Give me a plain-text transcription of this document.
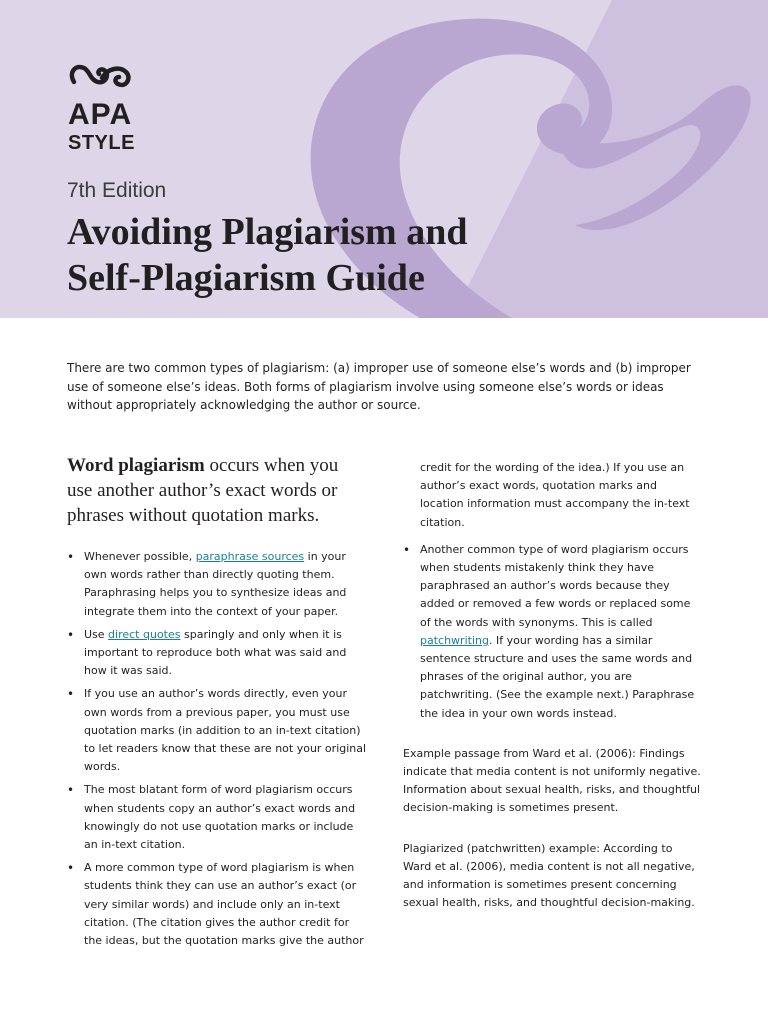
APA
STYLE
7th Edition
Avoiding Plagiarism and
Self-Plagiarism Guide

There are two common types of plagiarism: (a) improper use of someone else’s words and (b) improper use of someone else’s ideas. Both forms of plagiarism involve using someone else’s words or ideas without appropriately acknowledging the author or source.

Word plagiarism occurs when you use another author’s exact words or phrases without quotation marks.

• Whenever possible, paraphrase sources in your own words rather than directly quoting them. Paraphrasing helps you to synthesize ideas and integrate them into the context of your paper.
• Use direct quotes sparingly and only when it is important to reproduce both what was said and how it was said.
• If you use an author’s words directly, even your own words from a previous paper, you must use quotation marks (in addition to an in-text citation) to let readers know that these are not your original words.
• The most blatant form of word plagiarism occurs when students copy an author’s exact words and knowingly do not use quotation marks or include an in-text citation.
• A more common type of word plagiarism is when students think they can use an author’s exact (or very similar words) and include only an in-text citation. (The citation gives the author credit for the ideas, but the quotation marks give the author

credit for the wording of the idea.) If you use an author’s exact words, quotation marks and location information must accompany the in-text citation.

• Another common type of word plagiarism occurs when students mistakenly think they have paraphrased an author’s words because they added or removed a few words or replaced some of the words with synonyms. This is called patchwriting. If your wording has a similar sentence structure and uses the same words and phrases of the original author, you are patchwriting. (See the example next.) Paraphrase the idea in your own words instead.

Example passage from Ward et al. (2006): Findings indicate that media content is not uniformly negative. Information about sexual health, risks, and thoughtful decision-making is sometimes present.

Plagiarized (patchwritten) example: According to Ward et al. (2006), media content is not all negative, and information is sometimes present concerning sexual health, risks, and thoughtful decision-making.
